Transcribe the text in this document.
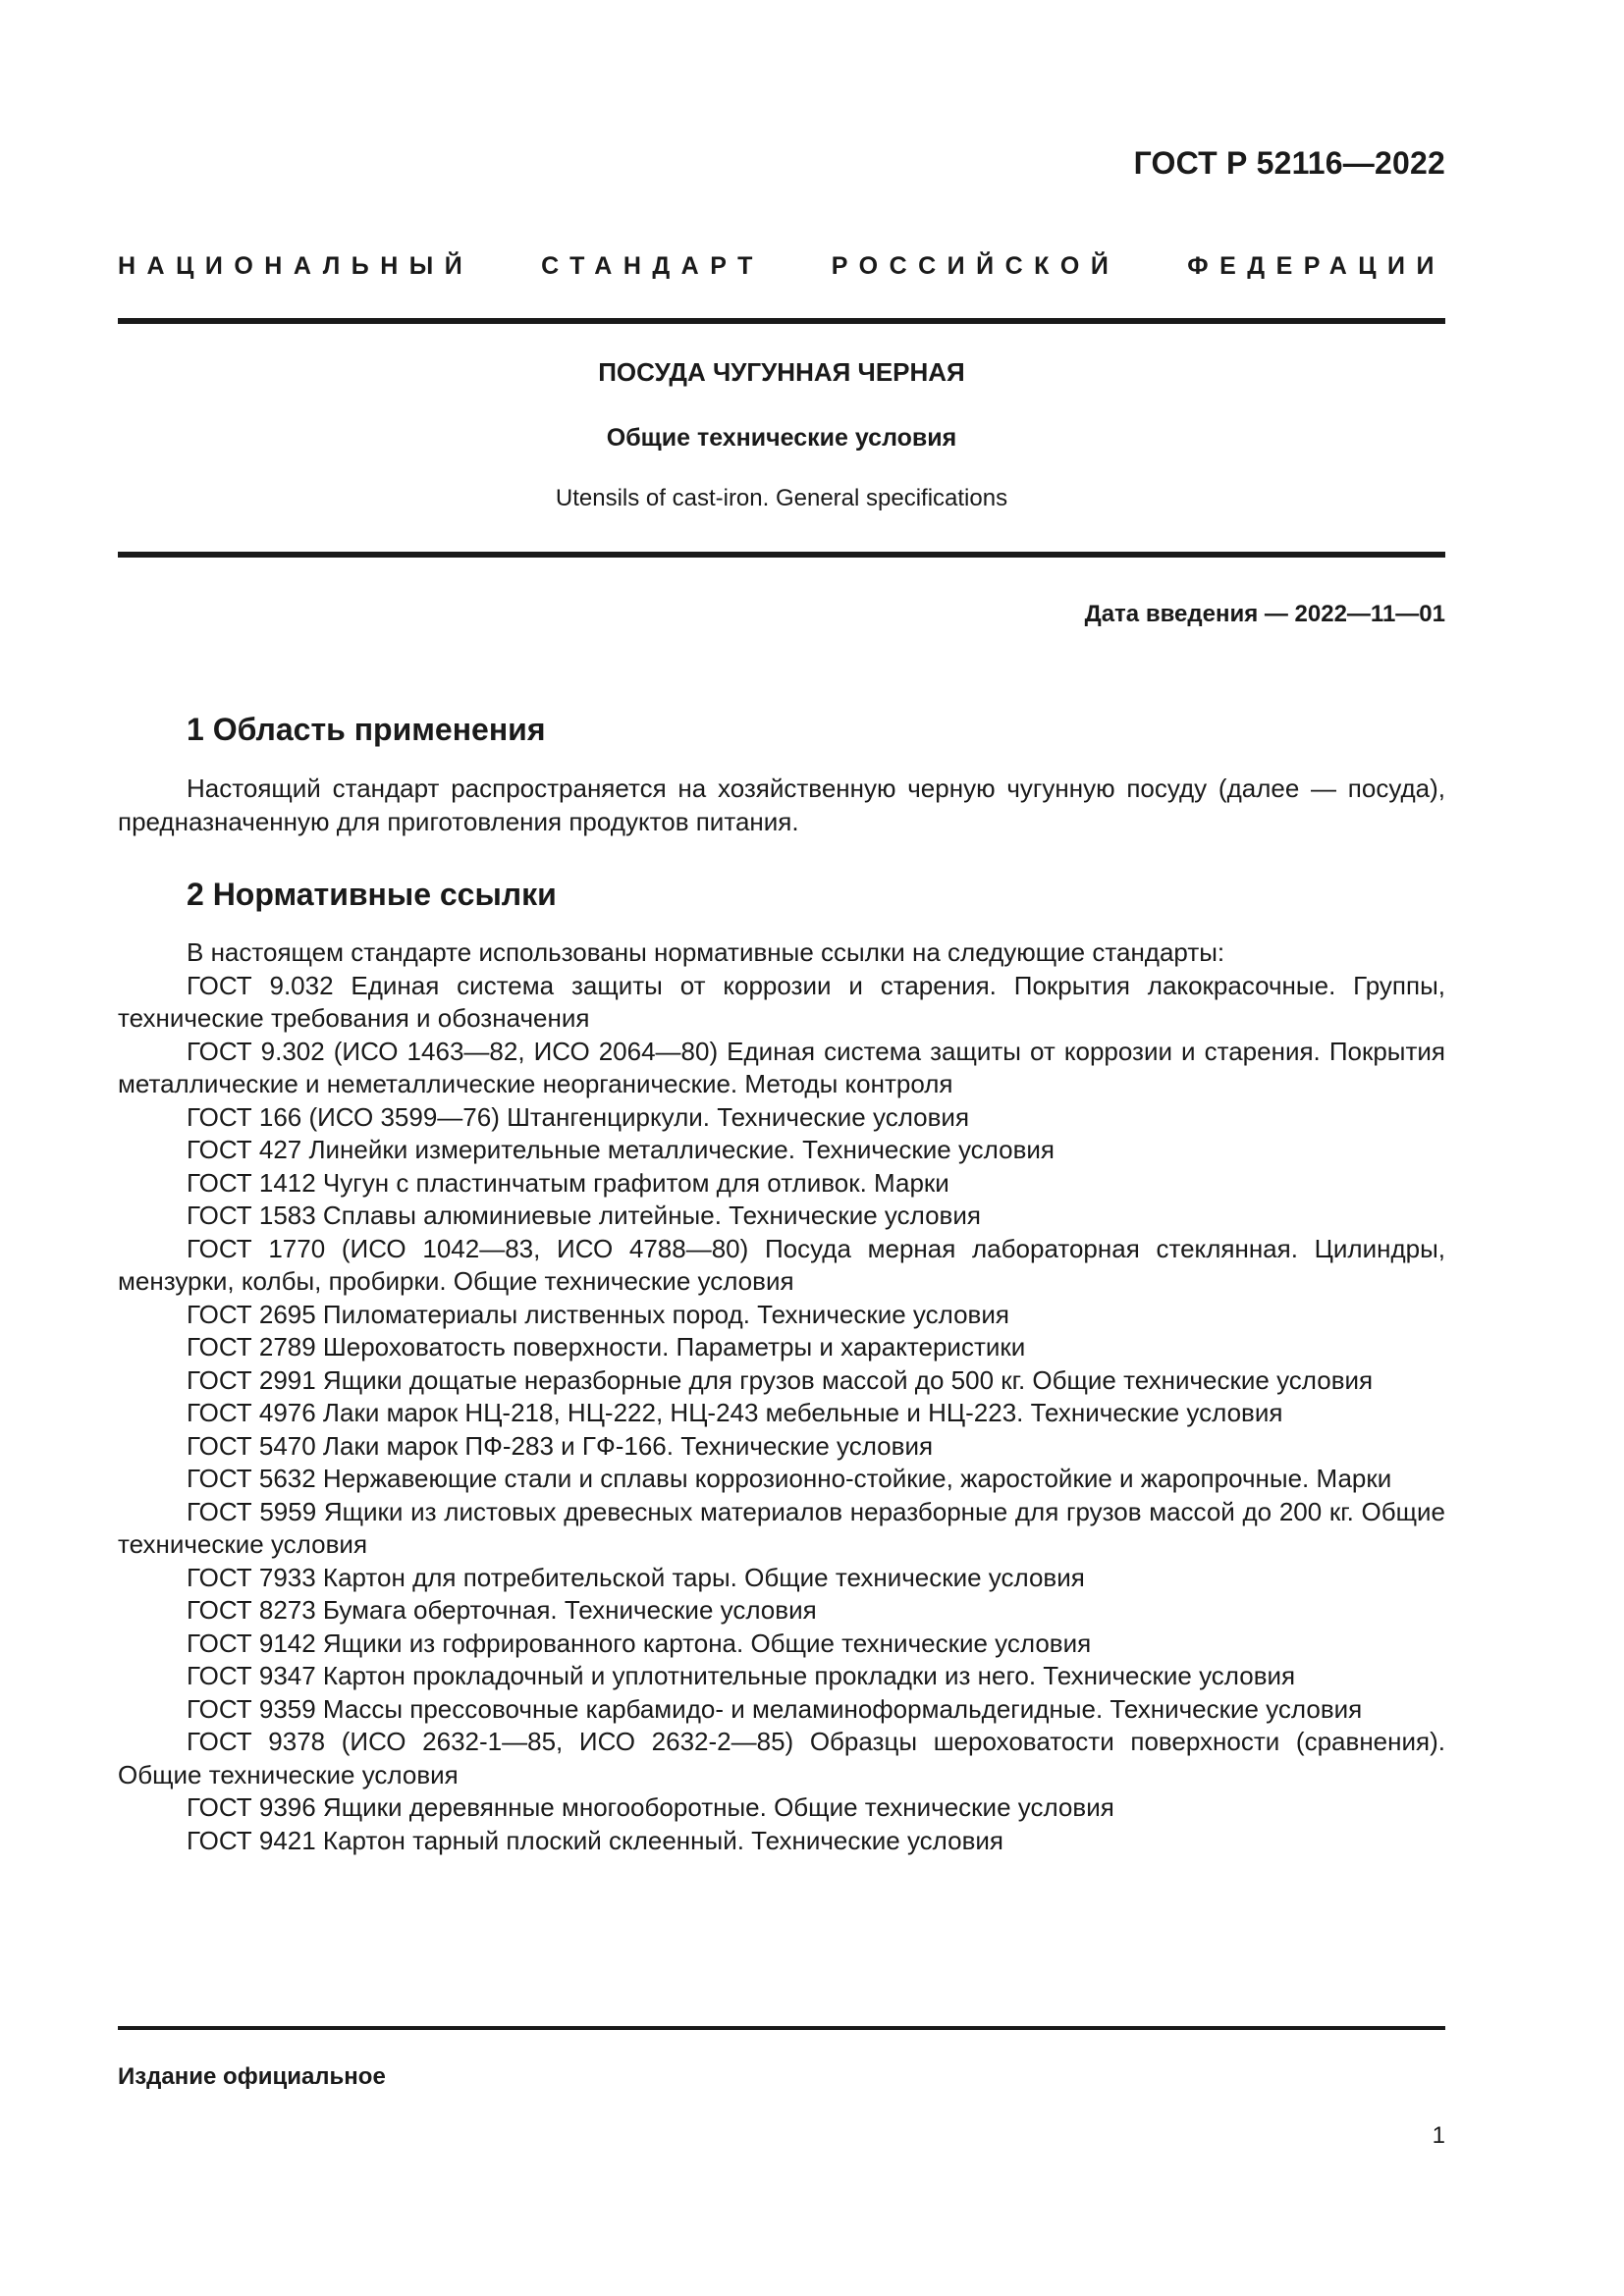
ГОСТ Р 52116—2022
НАЦИОНАЛЬНЫЙ СТАНДАРТ РОССИЙСКОЙ ФЕДЕРАЦИИ
ПОСУДА ЧУГУННАЯ ЧЕРНАЯ
Общие технические условия
Utensils of cast-iron. General specifications
Дата введения — 2022—11—01
1 Область применения

Настоящий стандарт распространяется на хозяйственную черную чугунную посуду (далее — посуда), предназначенную для приготовления продуктов питания.

2 Нормативные ссылки

В настоящем стандарте использованы нормативные ссылки на следующие стандарты:

ГОСТ 9.032 Единая система защиты от коррозии и старения. Покрытия лакокрасочные. Группы, технические требования и обозначения

ГОСТ 9.302 (ИСО 1463—82, ИСО 2064—80) Единая система защиты от коррозии и старения. Покрытия металлические и неметаллические неорганические. Методы контроля

ГОСТ 166 (ИСО 3599—76) Штангенциркули. Технические условия

ГОСТ 427 Линейки измерительные металлические. Технические условия

ГОСТ 1412 Чугун с пластинчатым графитом для отливок. Марки

ГОСТ 1583 Сплавы алюминиевые литейные. Технические условия

ГОСТ 1770 (ИСО 1042—83, ИСО 4788—80) Посуда мерная лабораторная стеклянная. Цилиндры, мензурки, колбы, пробирки. Общие технические условия

ГОСТ 2695 Пиломатериалы лиственных пород. Технические условия

ГОСТ 2789 Шероховатость поверхности. Параметры и характеристики

ГОСТ 2991 Ящики дощатые неразборные для грузов массой до 500 кг. Общие технические условия

ГОСТ 4976 Лаки марок НЦ-218, НЦ-222, НЦ-243 мебельные и НЦ-223. Технические условия

ГОСТ 5470 Лаки марок ПФ-283 и ГФ-166. Технические условия

ГОСТ 5632 Нержавеющие стали и сплавы коррозионно-стойкие, жаростойкие и жаропрочные. Марки

ГОСТ 5959 Ящики из листовых древесных материалов неразборные для грузов массой до 200 кг. Общие технические условия

ГОСТ 7933 Картон для потребительской тары. Общие технические условия

ГОСТ 8273 Бумага оберточная. Технические условия

ГОСТ 9142 Ящики из гофрированного картона. Общие технические условия

ГОСТ 9347 Картон прокладочный и уплотнительные прокладки из него. Технические условия

ГОСТ 9359 Массы прессовочные карбамидо- и меламиноформальдегидные. Технические условия

ГОСТ 9378 (ИСО 2632-1—85, ИСО 2632-2—85) Образцы шероховатости поверхности (сравнения). Общие технические условия

ГОСТ 9396 Ящики деревянные многооборотные. Общие технические условия

ГОСТ 9421 Картон тарный плоский склеенный. Технические условия

Издание официальное
1
